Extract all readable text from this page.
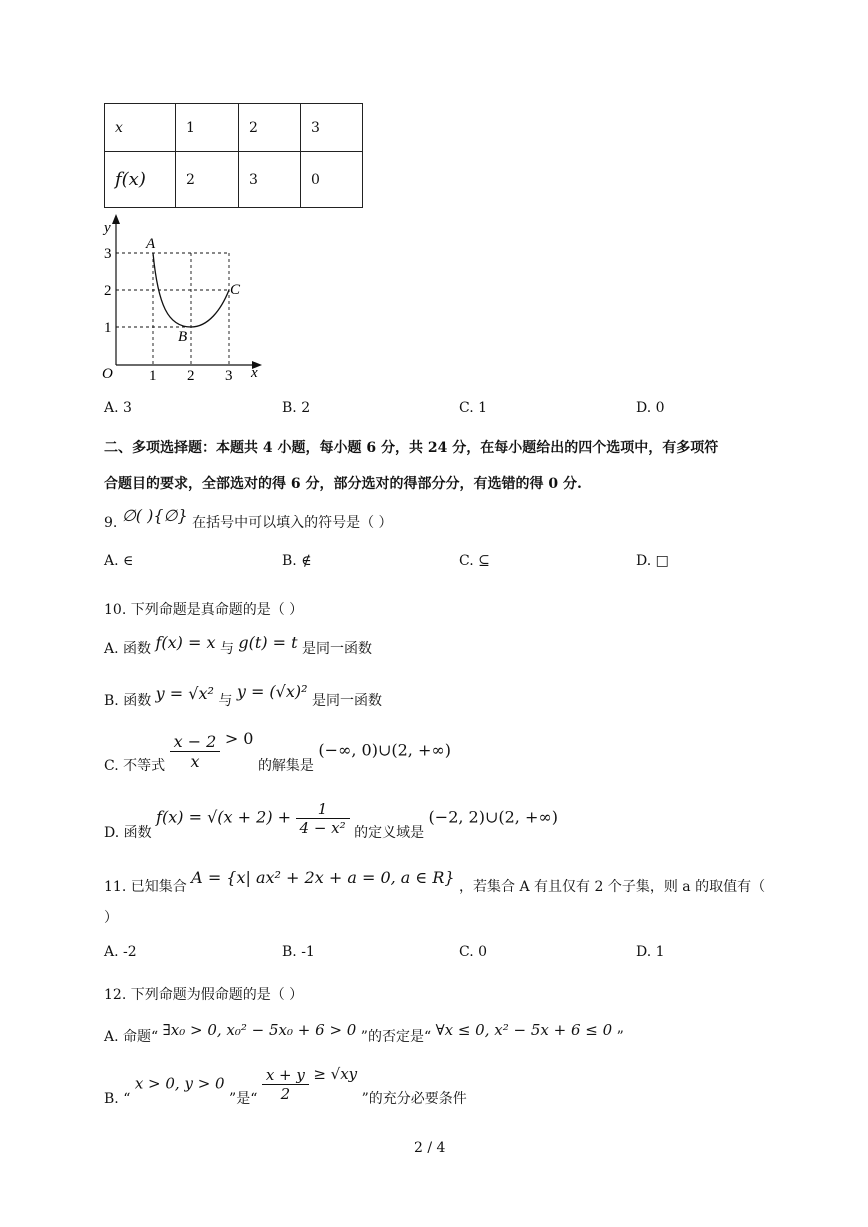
x	1	2	3
f(x)	2	3	0
y
x
O 1 2 3
1
2
3
A
B
C
A. 3	B. 2	C. 1	D. 0
二、多项选择题：本题共 4 小题，每小题 6 分，共 24 分，在每小题给出的四个选项中，有多项符
合题目的要求，全部选对的得 6 分，部分选对的得部分分，有选错的得 0 分.
9. ∅( ){∅} 在括号中可以填入的符号是（ ）
A. ∈	B. ∉	C. ⊆	D. □
10. 下列命题是真命题的是（ ）
A. 函数 f(x) = x 与 g(t) = t 是同一函数
B. 函数 y = √x² 与 y = (√x)² 是同一函数
C. 不等式 $\frac{x - 2}{x} > 0$ 的解集是 (−∞, 0)∪(2, +∞)
D. 函数 $f(x) = √(x + 2) + \frac{1}{\text{4 − x²}}$ 的定义域是 (−2, 2)∪(2, +∞)
11. 已知集合 A = {x| ax² + 2x + a = 0, a ∈ R} ，若集合 A 有且仅有 2 个子集，则 a 的取值有（
）
A. -2	B. -1	C. 0	D. 1
12. 下列命题为假命题的是（ ）
A. 命题“ ∃x₀ > 0, x₀² − 5x₀ + 6 > 0 ”的否定是“ ∀x ≤ 0, x² − 5x + 6 ≤ 0 ”
B. “ x > 0, y > 0 ”是“ $\frac{x + y}{2} \ge √xy$ ”的充分必要条件
2 / 4
